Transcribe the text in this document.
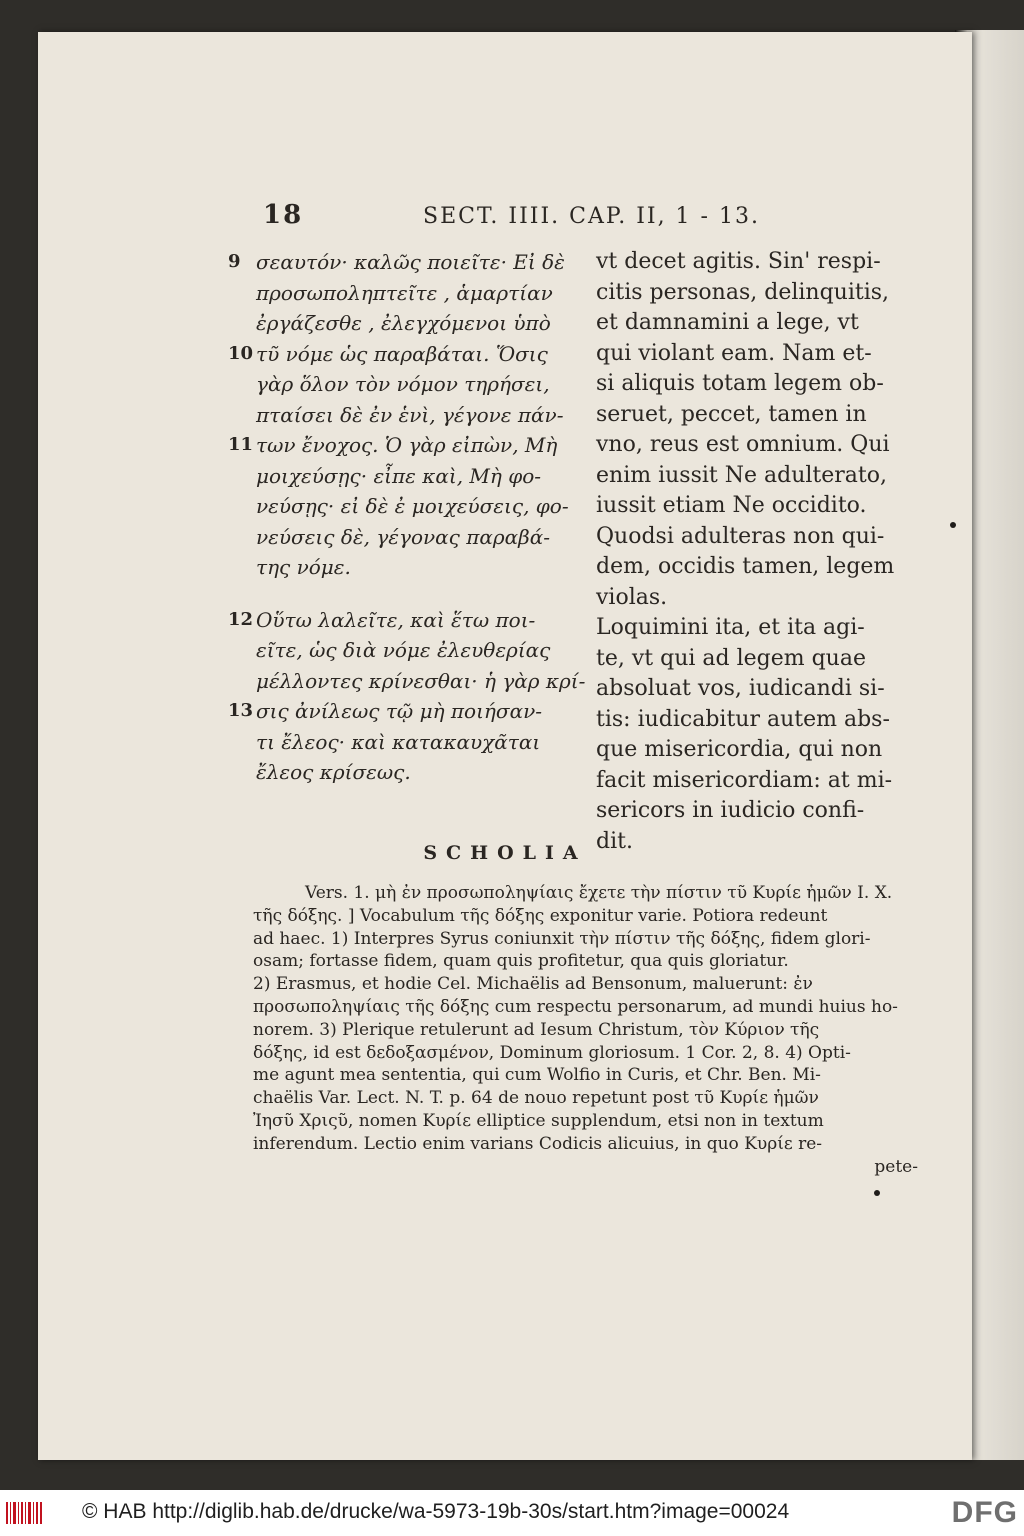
18	SECT. IIII. CAP. II, 1 - 13.
9 σεαυτόν· καλῶς ποιεῖτε· Εἰ δὲ
προσωποληπτεῖτε , ἁμαρτίαν
ἐργάζεσθε , ἐλεγχόμενοι ὑπὸ
10 τῦ νόμε ὡς παραβάται. Ὅσις
γὰρ ὅλον τὸν νόμον τηρήσει,
πταίσει δὲ ἐν ἑνὶ, γέγονε πάν-
11 των ἔνοχος. Ὁ γὰρ εἰπὼν, Μὴ
μοιχεύσῃς· εἶπε καὶ, Μὴ φο-
νεύσῃς· εἰ δὲ ἐ μοιχεύσεις, φο-
νεύσεις δὲ, γέγονας παραβά-
της νόμε.
12 Οὕτω λαλεῖτε, καὶ ἕτω ποι-
εῖτε, ὡς διὰ νόμε ἐλευθερίας
μέλλοντες κρίνεσθαι· ἡ γὰρ κρί-
13 σις ἀνίλεως τῷ μὴ ποιήσαν-
τι ἔλεος· καὶ κατακαυχᾶται
ἔλεος κρίσεως.
vt decet agitis. Sin' respi-
citis personas, delinquitis,
et damnamini a lege, vt
qui violant eam. Nam et-
si aliquis totam legem ob-
seruet, peccet, tamen in
vno, reus est omnium. Qui
enim iussit Ne adulterato,
iussit etiam Ne occidito.
Quodsi adulteras non qui-
dem, occidis tamen, legem
violas.
Loquimini ita, et ita agi-
te, vt qui ad legem quae
absoluat vos, iudicandi si-
tis: iudicabitur autem abs-
que misericordia, qui non
facit misericordiam: at mi-
sericors in iudicio confi-
dit.
SCHOLIA
Vers. 1. μὴ ἐν προσωποληψίαις ἔχετε τὴν πίστιν τῦ Κυρίε ἡμῶν I. X.
τῆς δόξης. ] Vocabulum τῆς δόξης exponitur varie. Potiora redeunt
ad haec. 1) Interpres Syrus coniunxit τὴν πίστιν τῆς δόξης, fidem glori-
osam; fortasse fidem, quam quis profitetur, qua quis gloriatur.
2) Erasmus, et hodie Cel. Michaëlis ad Bensonum, maluerunt: ἐν
προσωποληψίαις τῆς δόξης cum respectu personarum, ad mundi huius ho-
norem. 3) Plerique retulerunt ad Iesum Christum, τὸν Κύριον τῆς
δόξης, id est δεδοξασμένον, Dominum gloriosum. 1 Cor. 2, 8. 4) Opti-
me agunt mea sententia, qui cum Wolfio in Curis, et Chr. Ben. Mi-
chaëlis Var. Lect. N. T. p. 64 de nouo repetunt post τῦ Κυρίε ἡμῶν
Ἰησῦ Χριςῦ, nomen Κυρίε elliptice supplendum, etsi non in textum
inferendum. Lectio enim varians Codicis alicuius, in quo Κυρίε re-
pete-
© HAB http://diglib.hab.de/drucke/wa-5973-19b-30s/start.htm?image=00024	DFG
